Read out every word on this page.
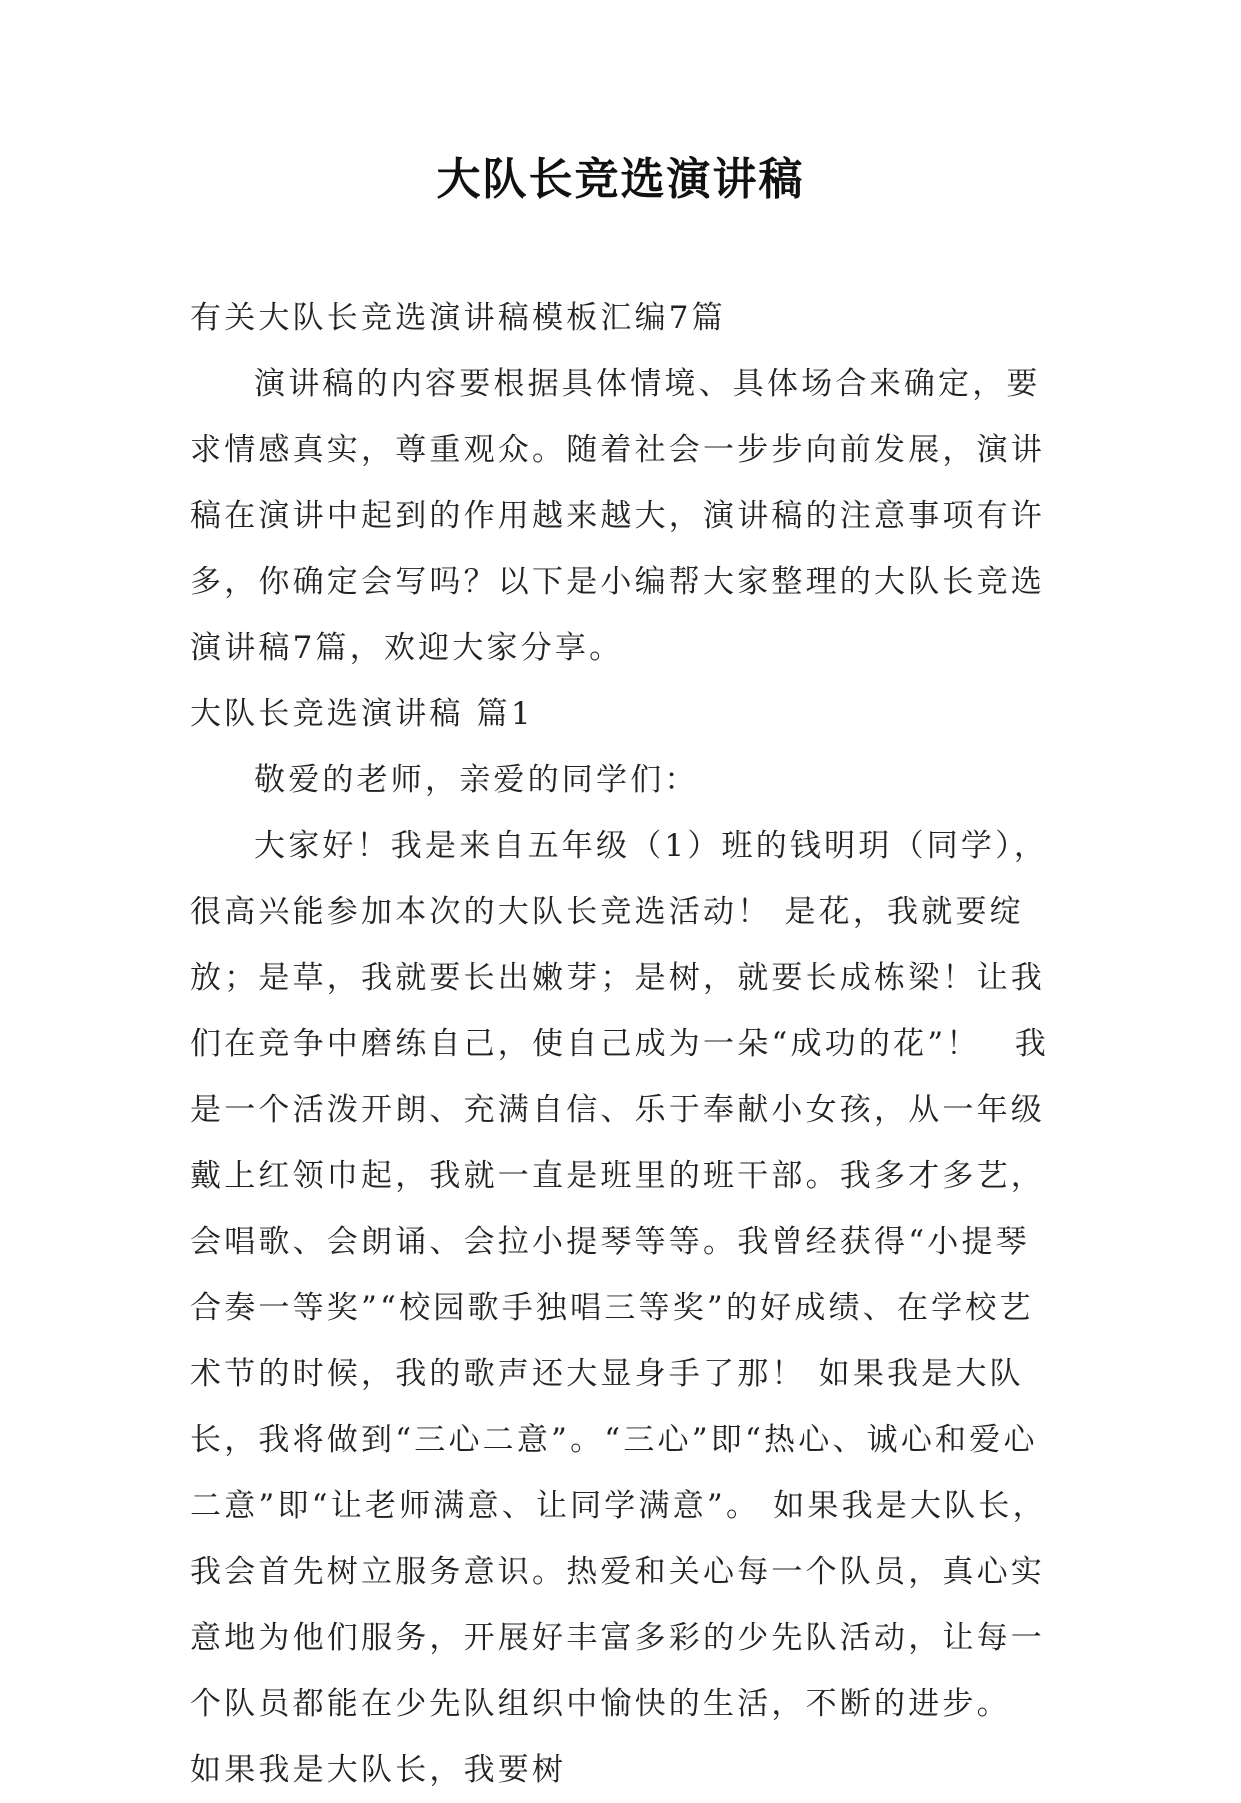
大队长竞选演讲稿

有关大队长竞选演讲稿模板汇编7篇

演讲稿的内容要根据具体情境、具体场合来确定，要求情感真实，尊重观众。随着社会一步步向前发展，演讲稿在演讲中起到的作用越来越大，演讲稿的注意事项有许多，你确定会写吗？以下是小编帮大家整理的大队长竞选演讲稿7篇，欢迎大家分享。

大队长竞选演讲稿 篇1

敬爱的老师，亲爱的同学们：

大家好！我是来自五年级（1）班的钱明玥（同学），很高兴能参加本次的大队长竞选活动！ 是花，我就要绽放；是草，我就要长出嫩芽；是树，就要长成栋梁！让我们在竞争中磨练自己，使自己成为一朵“成功的花”！　我是一个活泼开朗、充满自信、乐于奉献小女孩，从一年级戴上红领巾起，我就一直是班里的班干部。我多才多艺，会唱歌、会朗诵、会拉小提琴等等。我曾经获得“小提琴合奏一等奖”“校园歌手独唱三等奖”的好成绩、在学校艺术节的时候，我的歌声还大显身手了那！ 如果我是大队长，我将做到“三心二意”。“三心”即“热心、诚心和爱心二意”即“让老师满意、让同学满意”。 如果我是大队长，我会首先树立服务意识。热爱和关心每一个队员，真心实意地为他们服务，开展好丰富多彩的少先队活动，让每一个队员都能在少先队组织中愉快的生活，不断的进步。　如果我是大队长，我要树
